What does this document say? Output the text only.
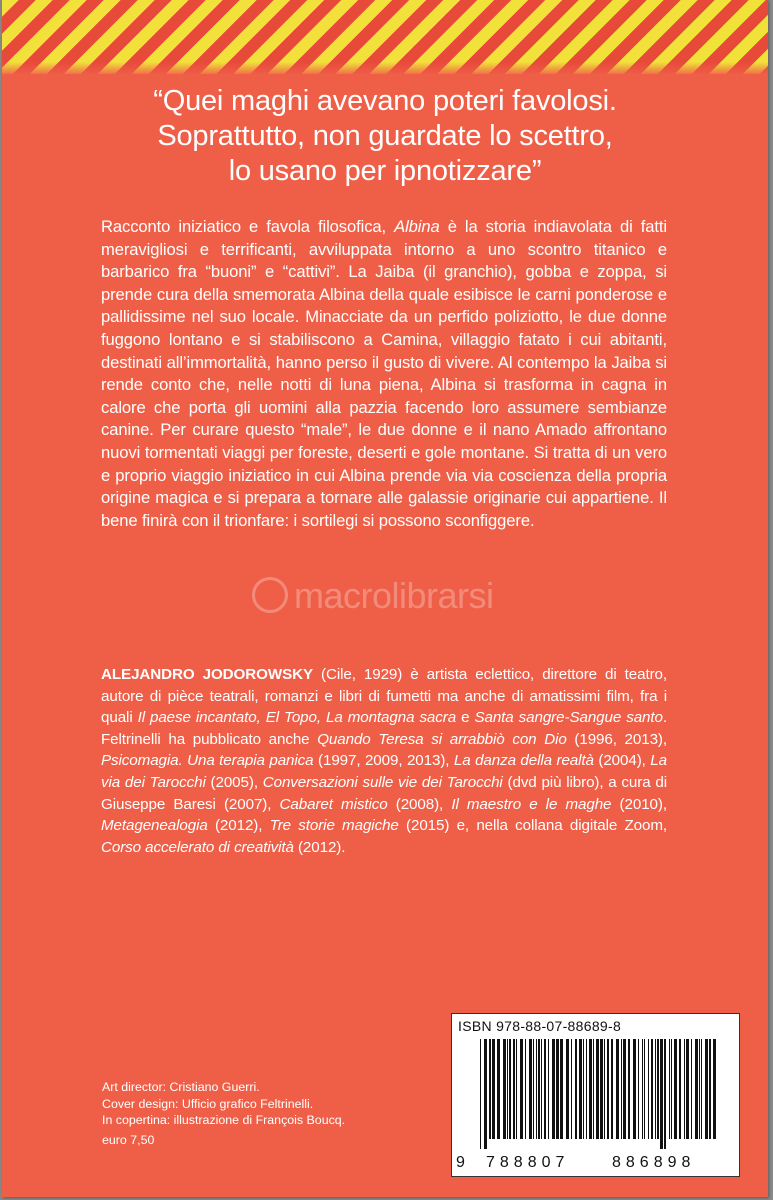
“Quei maghi avevano poteri favolosi.
Soprattutto, non guardate lo scettro,
lo usano per ipnotizzare”
Racconto iniziatico e favola filosofica, Albina è la storia indiavolata di fatti meravigliosi e terrificanti, avviluppata intorno a uno scontro titanico e barbarico fra “buoni” e “cattivi”. La Jaiba (il granchio), gobba e zoppa, si prende cura della smemorata Albina della quale esibisce le carni ponderose e pallidissime nel suo locale. Minacciate da un perfido poliziotto, le due donne fuggono lontano e si stabiliscono a Camina, villaggio fatato i cui abitanti, destinati all’immortalità, hanno perso il gusto di vivere. Al contempo la Jaiba si rende conto che, nelle notti di luna piena, Albina si trasforma in cagna in calore che porta gli uomini alla pazzia facendo loro assumere sembianze canine. Per curare questo “male”, le due donne e il nano Amado affrontano nuovi tormentati viaggi per foreste, deserti e gole montane. Si tratta di un vero e proprio viaggio iniziatico in cui Albina prende via via coscienza della propria origine magica e si prepara a tornare alle galassie originarie cui appartiene. Il bene finirà con il trionfare: i sortilegi si possono sconfiggere.
macrolibrarsi
ALEJANDRO JODOROWSKY (Cile, 1929) è artista eclettico, direttore di teatro, autore di pièce teatrali, romanzi e libri di fumetti ma anche di amatissimi film, fra i quali Il paese incantato, El Topo, La montagna sacra e Santa sangre-Sangue santo. Feltrinelli ha pubblicato anche Quando Teresa si arrabbiò con Dio (1996, 2013), Psicomagia. Una terapia panica (1997, 2009, 2013), La danza della realtà (2004), La via dei Tarocchi (2005), Conversazioni sulle vie dei Tarocchi (dvd più libro), a cura di Giuseppe Baresi (2007), Cabaret mistico (2008), Il maestro e le maghe (2010), Metagenealogia (2012), Tre storie magiche (2015) e, nella collana digitale Zoom, Corso accelerato di creatività (2012).
Art director: Cristiano Guerri.
Cover design: Ufficio grafico Feltrinelli.
In copertina: illustrazione di François Boucq.
euro 7,50
ISBN 978-88-07-88689-8
9 788807	886898
